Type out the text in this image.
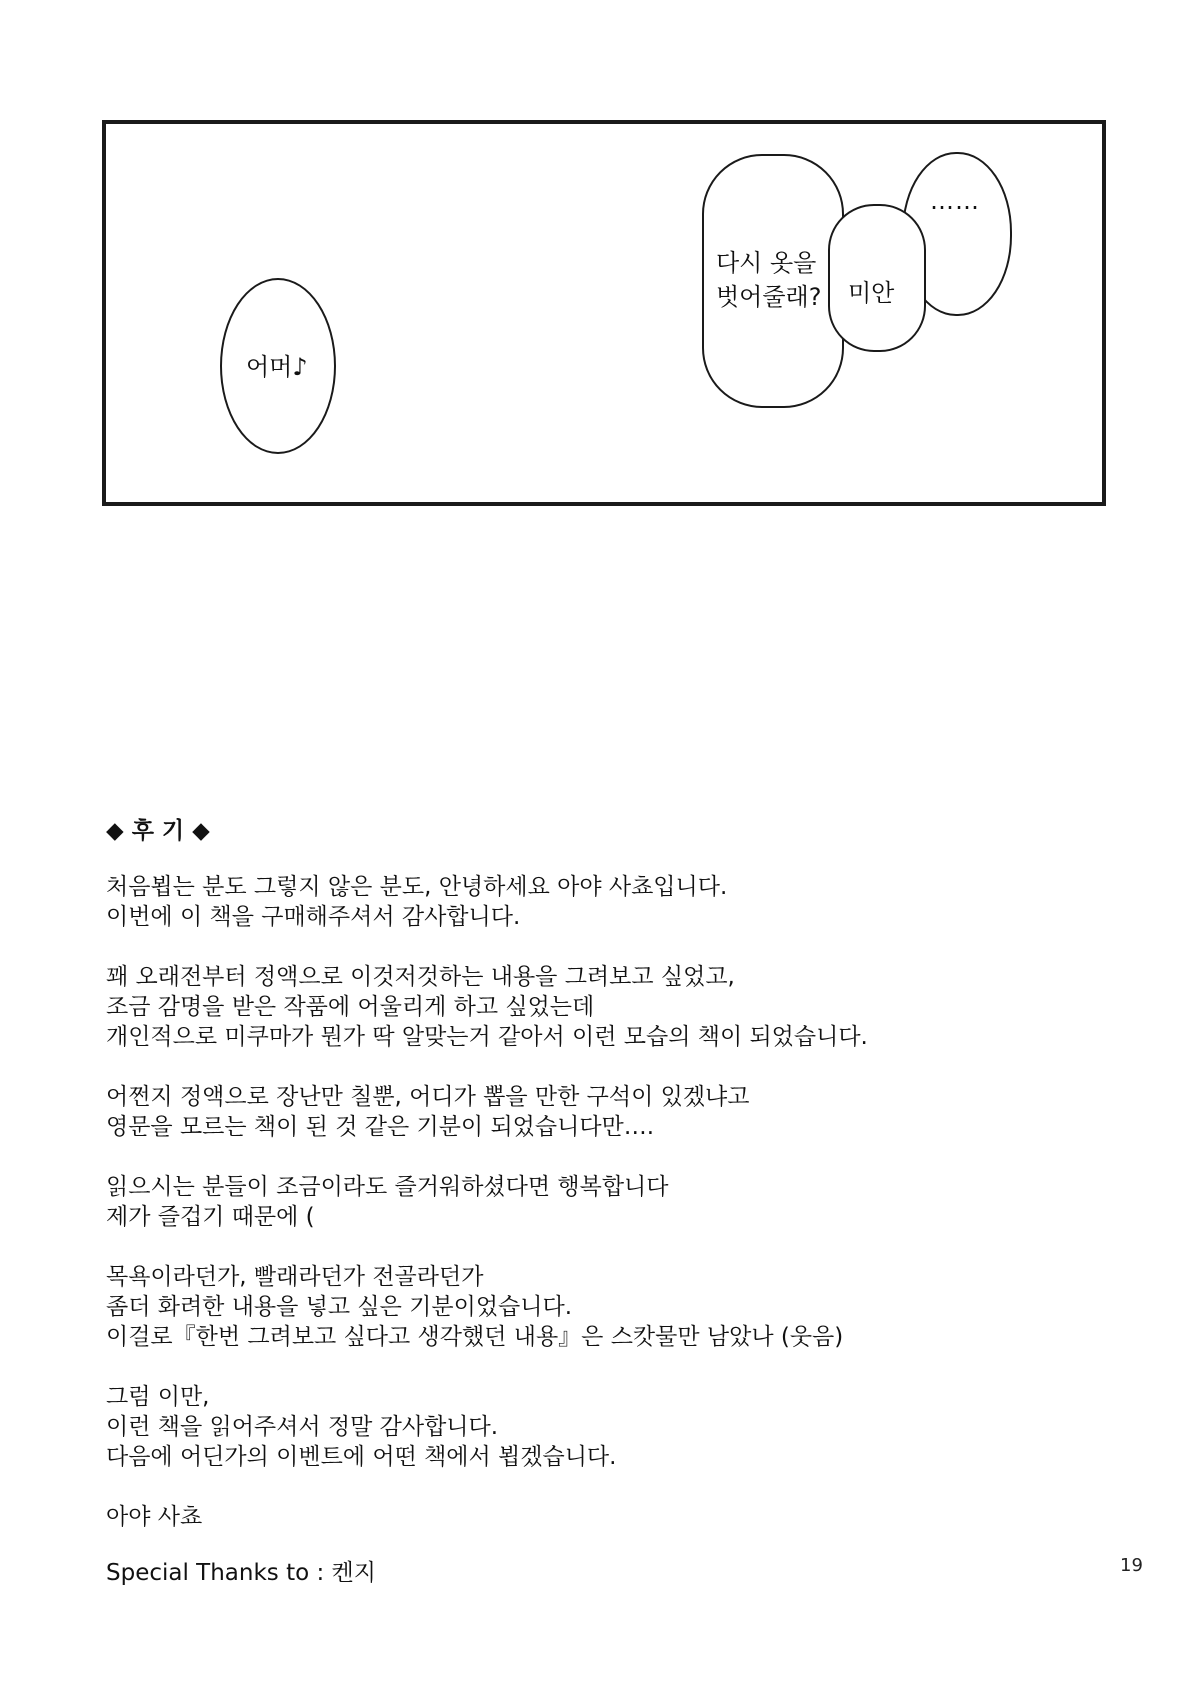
어머♪
다시 옷을
벗어줄래? 미안
……
◆ 후 기 ◆
처음뵙는 분도 그렇지 않은 분도, 안녕하세요 아야 사쵸입니다.
이번에 이 책을 구매해주셔서 감사합니다.
꽤 오래전부터 정액으로 이것저것하는 내용을 그려보고 싶었고,
조금 감명을 받은 작품에 어울리게 하고 싶었는데
개인적으로 미쿠마가 뭔가 딱 알맞는거 같아서 이런 모습의 책이 되었습니다.
어쩐지 정액으로 장난만 칠뿐, 어디가 뽑을 만한 구석이 있겠냐고
영문을 모르는 책이 된 것 같은 기분이 되었습니다만….
읽으시는 분들이 조금이라도 즐거워하셨다면 행복합니다
제가 즐겁기 때문에 (
목욕이라던가, 빨래라던가 전골라던가
좀더 화려한 내용을 넣고 싶은 기분이었습니다.
이걸로『한번 그려보고 싶다고 생각했던 내용』은 스캇물만 남았나 (웃음)
그럼 이만,
이런 책을 읽어주셔서 정말 감사합니다.
다음에 어딘가의 이벤트에 어떤 책에서 뵙겠습니다.
아야 사쵸
Special Thanks to : 켄지	19
